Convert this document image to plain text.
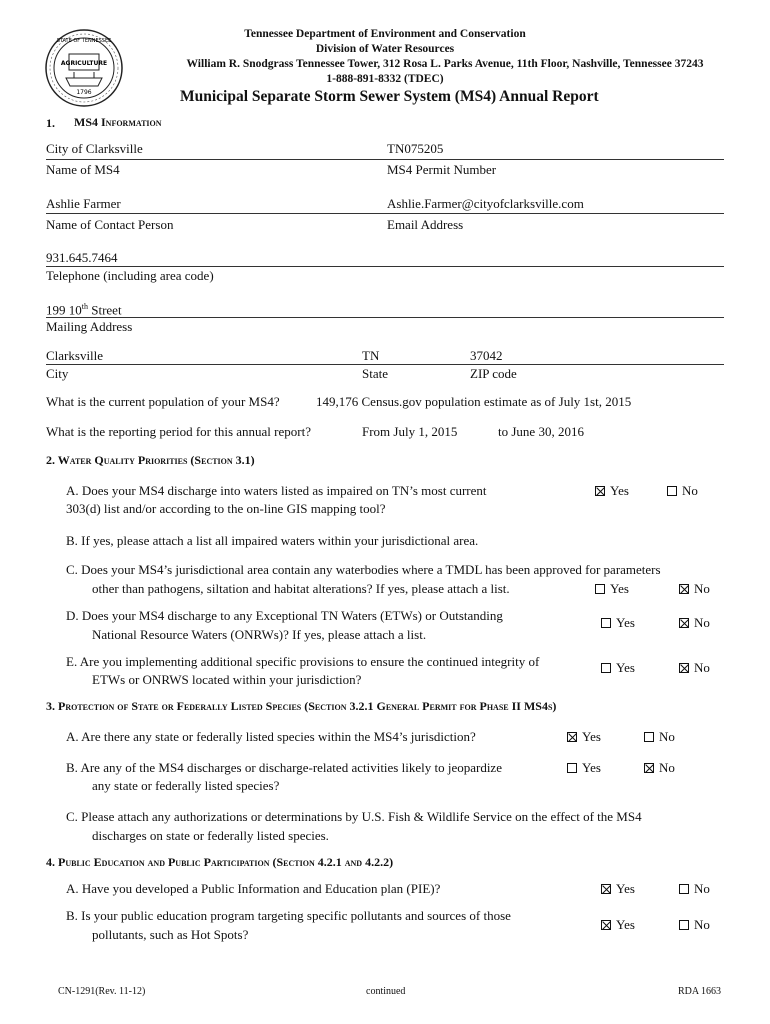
AGRICULTURE
1796
STATE OF TENNESSEE
Tennessee Department of Environment and Conservation
Division of Water Resources
William R. Snodgrass Tennessee Tower, 312 Rosa L. Parks Avenue, 11th Floor, Nashville, Tennessee 37243
1-888-891-8332 (TDEC)
Municipal Separate Storm Sewer System (MS4) Annual Report
1. MS4 Information
City of Clarksville	TN075205
Name of MS4	MS4 Permit Number
Ashlie Farmer	Ashlie.Farmer@cityofclarksville.com
Name of Contact Person	Email Address
931.645.7464
Telephone (including area code)
199 10th Street
Mailing Address
Clarksville	TN	37042
City	State	ZIP code
What is the current population of your MS4?	149,176 Census.gov population estimate as of July 1st, 2015
What is the reporting period for this annual report?	From July 1, 2015	to June 30, 2016
2. Water Quality Priorities (Section 3.1)
A. Does your MS4 discharge into waters listed as impaired on TN’s most current
303(d) list and/or according to the on-line GIS mapping tool?
Yes	No
B. If yes, please attach a list all impaired waters within your jurisdictional area.
C. Does your MS4’s jurisdictional area contain any waterbodies where a TMDL has been approved for parameters
other than pathogens, siltation and habitat alterations? If yes, please attach a list.	Yes	No
D. Does your MS4 discharge to any Exceptional TN Waters (ETWs) or Outstanding
National Resource Waters (ONRWs)? If yes, please attach a list.
Yes	No
E. Are you implementing additional specific provisions to ensure the continued integrity of
ETWs or ONRWS located within your jurisdiction?
Yes	No
3. Protection of State or Federally Listed Species (Section 3.2.1 General Permit for Phase II MS4s)
A. Are there any state or federally listed species within the MS4’s jurisdiction?	Yes	No
B. Are any of the MS4 discharges or discharge-related activities likely to jeopardize
any state or federally listed species?
Yes	No
C. Please attach any authorizations or determinations by U.S. Fish & Wildlife Service on the effect of the MS4
discharges on state or federally listed species.
4. Public Education and Public Participation (Section 4.2.1 and 4.2.2)
A. Have you developed a Public Information and Education plan (PIE)?	Yes	No
B. Is your public education program targeting specific pollutants and sources of those
pollutants, such as Hot Spots?
Yes	No
CN-1291(Rev. 11-12)	continued	RDA 1663
